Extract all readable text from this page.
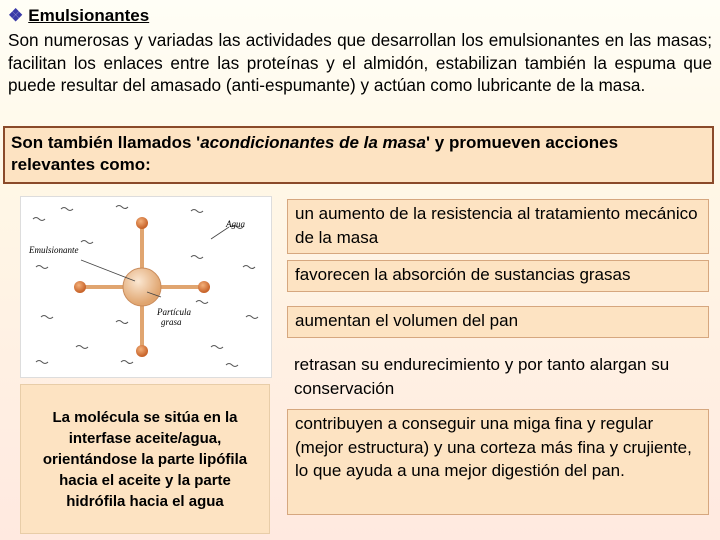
❖ Emulsionantes
Son numerosas y variadas las actividades que desarrollan los emulsionantes en las masas; facilitan los enlaces entre las proteínas y el almidón, estabilizan también la espuma que puede resultar del amasado (anti-espumante) y actúan como lubricante de la masa.
Son también llamados 'acondicionantes de la masa' y promueven acciones relevantes como:
Agua
Emulsionante
Partícula
grasa
La molécula se sitúa en la interfase aceite/agua, orientándose la parte lipófila hacia el aceite y la parte hidrófila hacia el agua
un aumento de la resistencia al tratamiento mecánico de la masa
favorecen la absorción de sustancias grasas
aumentan el volumen del pan
retrasan su endurecimiento y por tanto alargan su conservación
contribuyen a conseguir una miga fina y regular (mejor estructura) y una corteza más fina y crujiente, lo que ayuda a una mejor digestión del pan.
